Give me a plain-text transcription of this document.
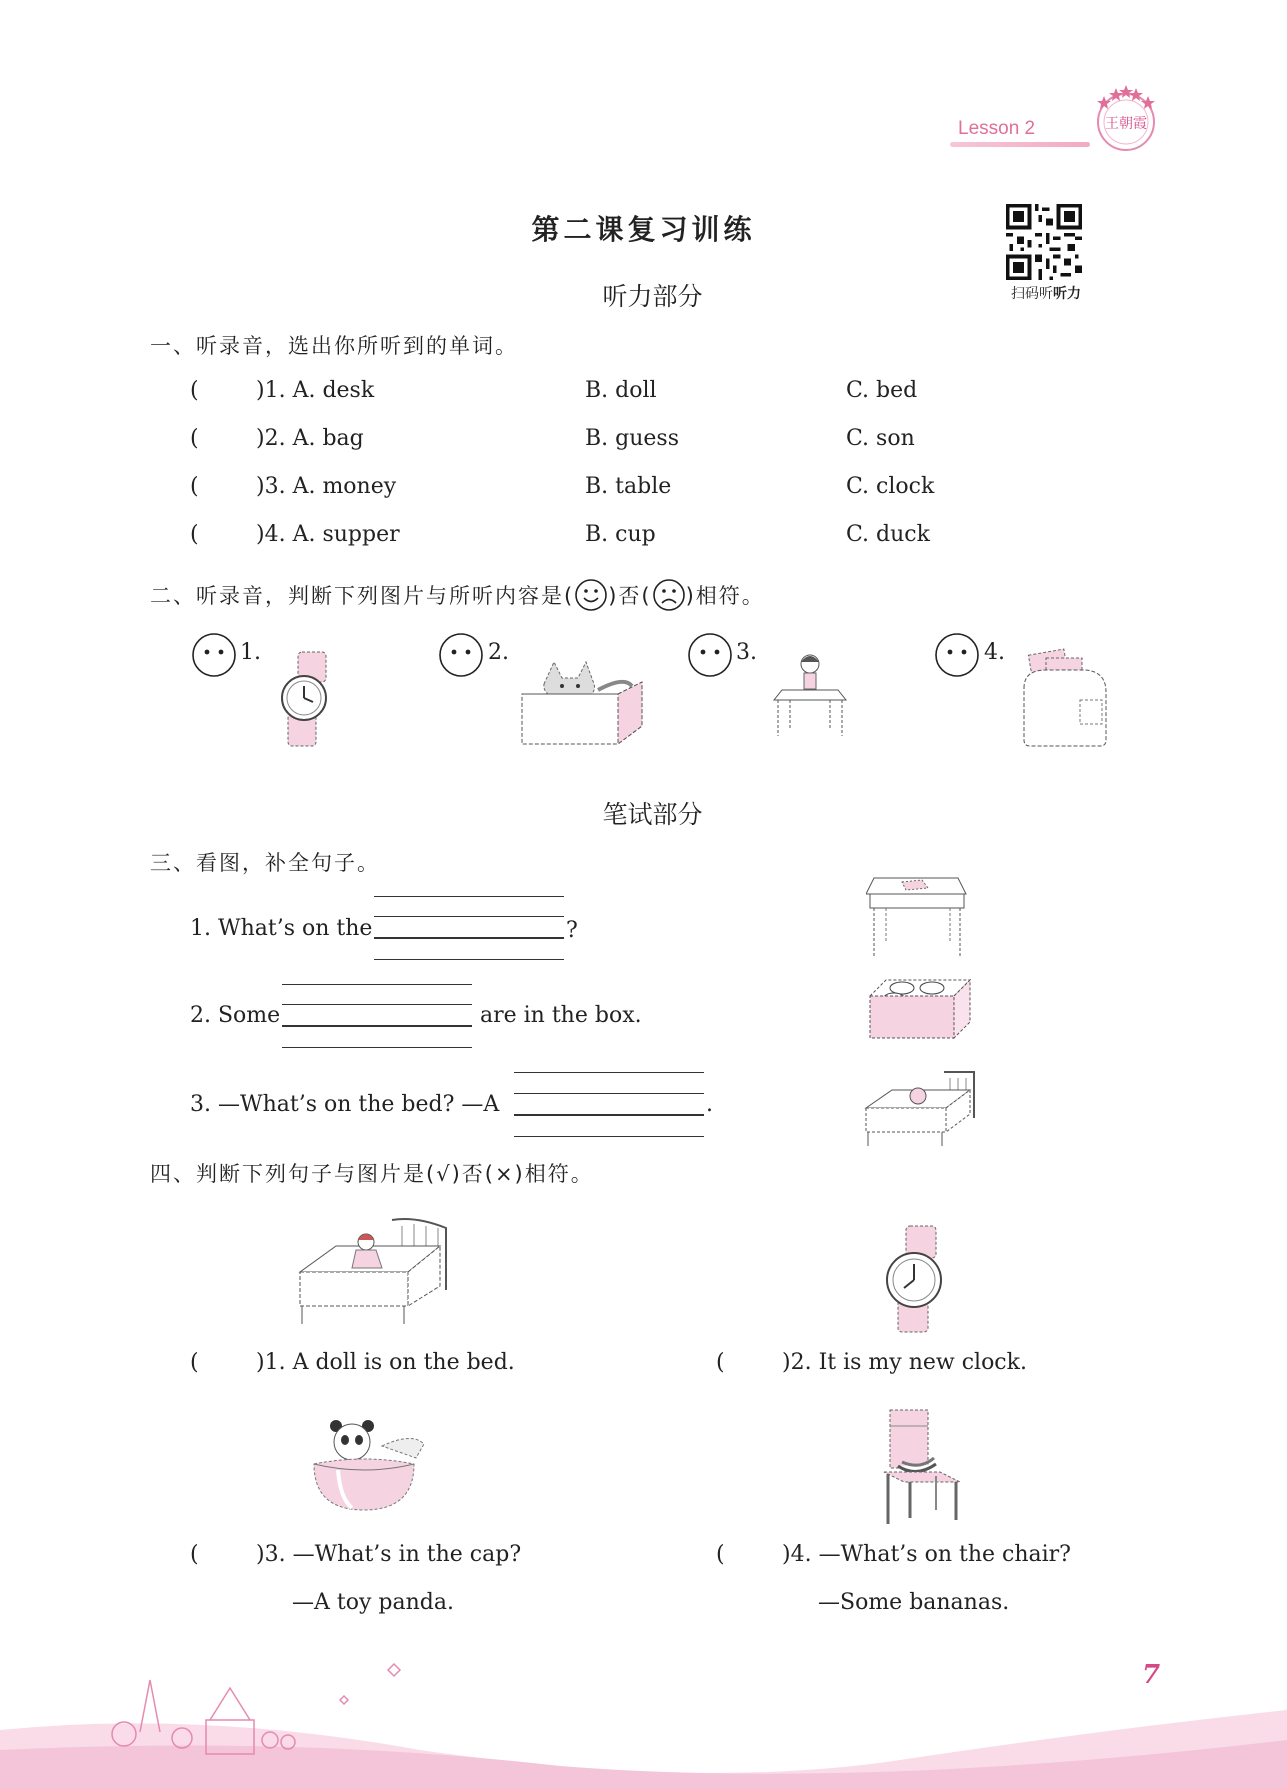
Lesson 2	王朝霞
第二课复习训练
扫码听听力
听力部分
一、听录音，选出你所听到的单词。
(	)1. A. desk	B. doll	C. bed
(	)2. A. bag	B. guess	C. son
(	)3. A. money	B. table	C. clock
(	)4. A. supper	B. cup	C. duck
二、听录音，判断下列图片与所听内容是( )否( )相符。
1.	2.	3.	4.
笔试部分
三、看图，补全句子。
1. What’s on the	?
2. Some	are in the box.
3. —What’s on the bed? —A	.
四、判断下列句子与图片是(√)否(×)相符。
(	)1. A doll is on the bed.	(	)2. It is my new clock.
(	)3. —What’s in the cap?
—A toy panda.
(	)4. —What’s on the chair?
—Some bananas.
7
